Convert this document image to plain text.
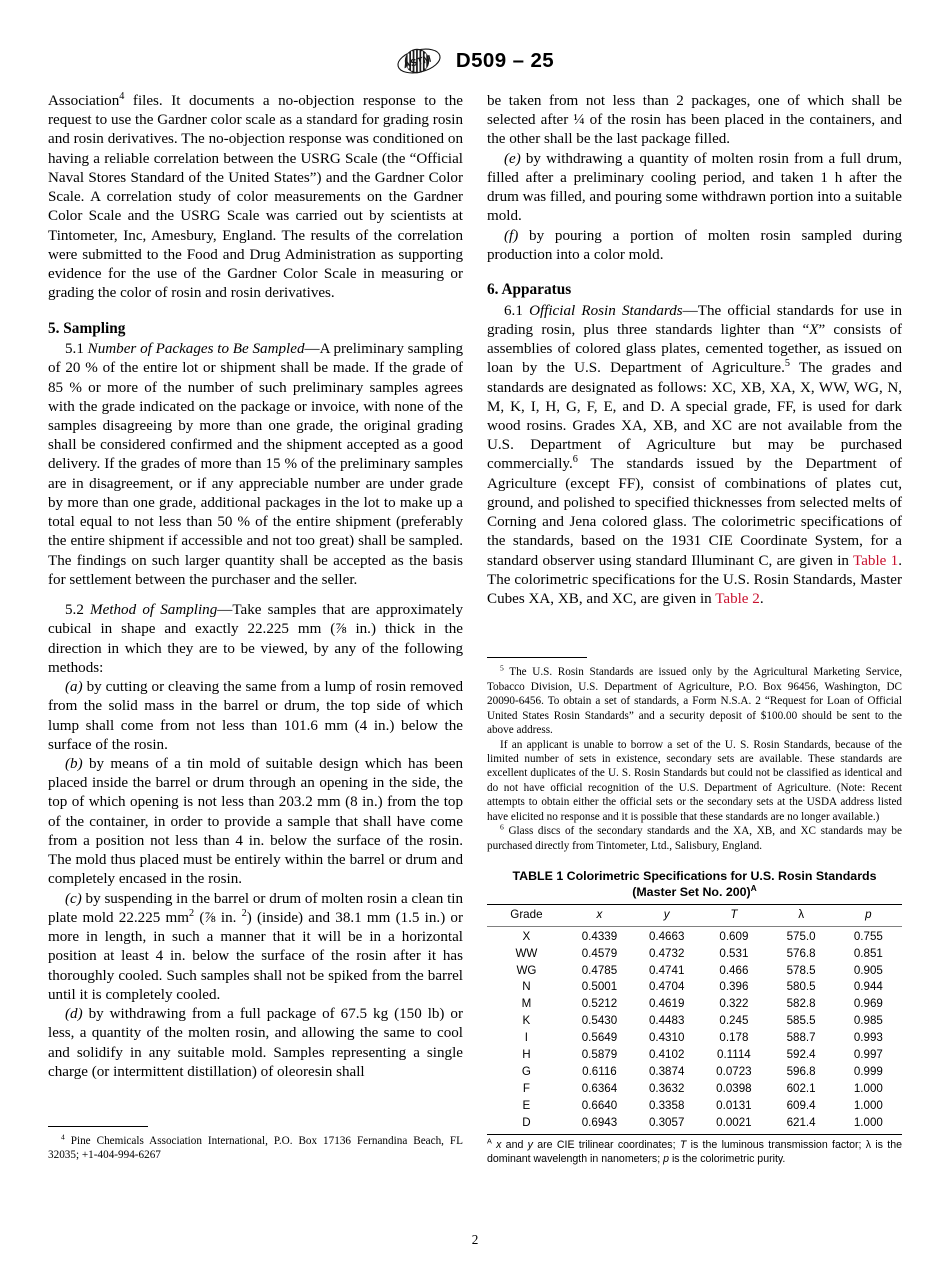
ASTM D509 – 25

Association$^4$ files. It documents a no-objection response to the request to use the Gardner color scale as a standard for grading rosin and rosin derivatives. The no-objection response was conditioned on having a reliable correlation between the USRG Scale (the “Official Naval Stores Standard of the United States”) and the Gardner Color Scale. A correlation study of color measurements on the Gardner Color Scale and the USRG Scale was carried out by scientists at Tintometer, Inc, Amesbury, England. The results of the correlation were submitted to the Food and Drug Administration as supporting evidence for the use of the Gardner Color Scale in measuring or grading the color of rosin and rosin derivatives.

5. Sampling

5.1 Number of Packages to Be Sampled—A preliminary sampling of 20 % of the entire lot or shipment shall be made. If the grade of 85 % or more of the number of such preliminary samples agrees with the grade indicated on the package or invoice, with none of the samples disagreeing by more than one grade, the original grading shall be considered confirmed and the shipment accepted as a good delivery. If the grades of more than 15 % of the preliminary samples are in disagreement, or if any appreciable number are under grade by more than one grade, additional packages in the lot to make up a total equal to not less than 50 % of the entire shipment (preferably the entire shipment if accessible and not too great) shall be sampled. The findings on such larger quantity shall be accepted as the basis for settlement between the purchaser and the seller.

5.2 Method of Sampling—Take samples that are approximately cubical in shape and exactly 22.225 mm (⅞ in.) thick in the direction in which they are to be viewed, by any of the following methods:

(a) by cutting or cleaving the same from a lump of rosin removed from the solid mass in the barrel or drum, the top side of which lump shall come from not less than 101.6 mm (4 in.) below the surface of the rosin.

(b) by means of a tin mold of suitable design which has been placed inside the barrel or drum through an opening in the side, the top of which opening is not less than 203.2 mm (8 in.) from the top of the container, in order to provide a sample that shall have come from a position not less than 4 in. below the surface of the rosin. The mold thus placed must be entirely within the barrel or drum and completely encased in the rosin.

(c) by suspending in the barrel or drum of molten rosin a clean tin plate mold 22.225 $mm^2$ (⅞ in. $^2$) (inside) and 38.1 mm (1.5 in.) or more in length, in such a manner that it will be in a horizontal position at least 4 in. below the surface of the rosin after it has thoroughly cooled. Such samples shall not be spiked from the barrel until it is completely cooled.

(d) by withdrawing from a full package of 67.5 kg (150 lb) or less, a quantity of the molten rosin, and allowing the same to cool and solidify in any suitable mold. Samples representing a single charge (or intermittent distillation) of oleoresin shall

$^4$ Pine Chemicals Association International, P.O. Box 17136 Fernandina Beach, FL 32035; +1-404-994-6267

be taken from not less than 2 packages, one of which shall be selected after ¼ of the rosin has been placed in the containers, and the other shall be the last package filled.

(e) by withdrawing a quantity of molten rosin from a full drum, filled after a preliminary cooling period, and taken 1 h after the drum was filled, and pouring some withdrawn portion into a suitable mold.

(f) by pouring a portion of molten rosin sampled during production into a color mold.

6. Apparatus

6.1 Official Rosin Standards—The official standards for use in grading rosin, plus three standards lighter than “X” consists of assemblies of colored glass plates, cemented together, as issued on loan by the U.S. Department of Agriculture.$^5$ The grades and standards are designated as follows: XC, XB, XA, X, WW, WG, N, M, K, I, H, G, F, E, and D. A special grade, FF, is used for dark wood rosins. Grades XA, XB, and XC are not available from the U.S. Department of Agriculture but may be purchased commercially.$^6$ The standards issued by the Department of Agriculture (except FF), consist of combinations of plates cut, ground, and polished to specified thicknesses from selected melts of Corning and Jena colored glass. The colorimetric specifications of the standards, based on the 1931 CIE Coordinate System, for a standard observer using standard Illuminant C, are given in Table 1. The colorimetric specifications for the U.S. Rosin Standards, Master Cubes XA, XB, and XC, are given in Table 2.

$^5$ The U.S. Rosin Standards are issued only by the Agricultural Marketing Service, Tobacco Division, U.S. Department of Agriculture, P.O. Box 96456, Washington, DC 20090-6456. To obtain a set of standards, a Form N.S.A. 2 “Request for Loan of Official United States Rosin Standards” and a security deposit of $100.00 should be sent to the above address.

If an applicant is unable to borrow a set of the U. S. Rosin Standards, because of the limited number of sets in existence, secondary sets are available. These standards are excellent duplicates of the U. S. Rosin Standards but could not be classified as identical and do not have official recognition of the U.S. Department of Agriculture. (Note: Recent attempts to obtain either the official sets or the secondary sets at the USDA address listed have elicited no response and it is possible that these standards are no longer available.)

$^6$ Glass discs of the secondary standards and the XA, XB, and XC standards may be purchased directly from Tintometer, Ltd., Salisbury, England.

TABLE 1 Colorimetric Specifications for U.S. Rosin Standards
(Master Set No. 200)$^A$
Grade	x	y	T	λ	p
X	0.4339	0.4663	0.609	575.0	0.755
WW	0.4579	0.4732	0.531	576.8	0.851
WG	0.4785	0.4741	0.466	578.5	0.905
N	0.5001	0.4704	0.396	580.5	0.944
M	0.5212	0.4619	0.322	582.8	0.969
K	0.5430	0.4483	0.245	585.5	0.985
I	0.5649	0.4310	0.178	588.7	0.993
H	0.5879	0.4102	0.1114	592.4	0.997
G	0.6116	0.3874	0.0723	596.8	0.999
F	0.6364	0.3632	0.0398	602.1	1.000
E	0.6640	0.3358	0.0131	609.4	1.000
D	0.6943	0.3057	0.0021	621.4	1.000
$^A$ x and y are CIE trilinear coordinates; T is the luminous transmission factor; λ is the dominant wavelength in nanometers; p is the colorimetric purity.
2
